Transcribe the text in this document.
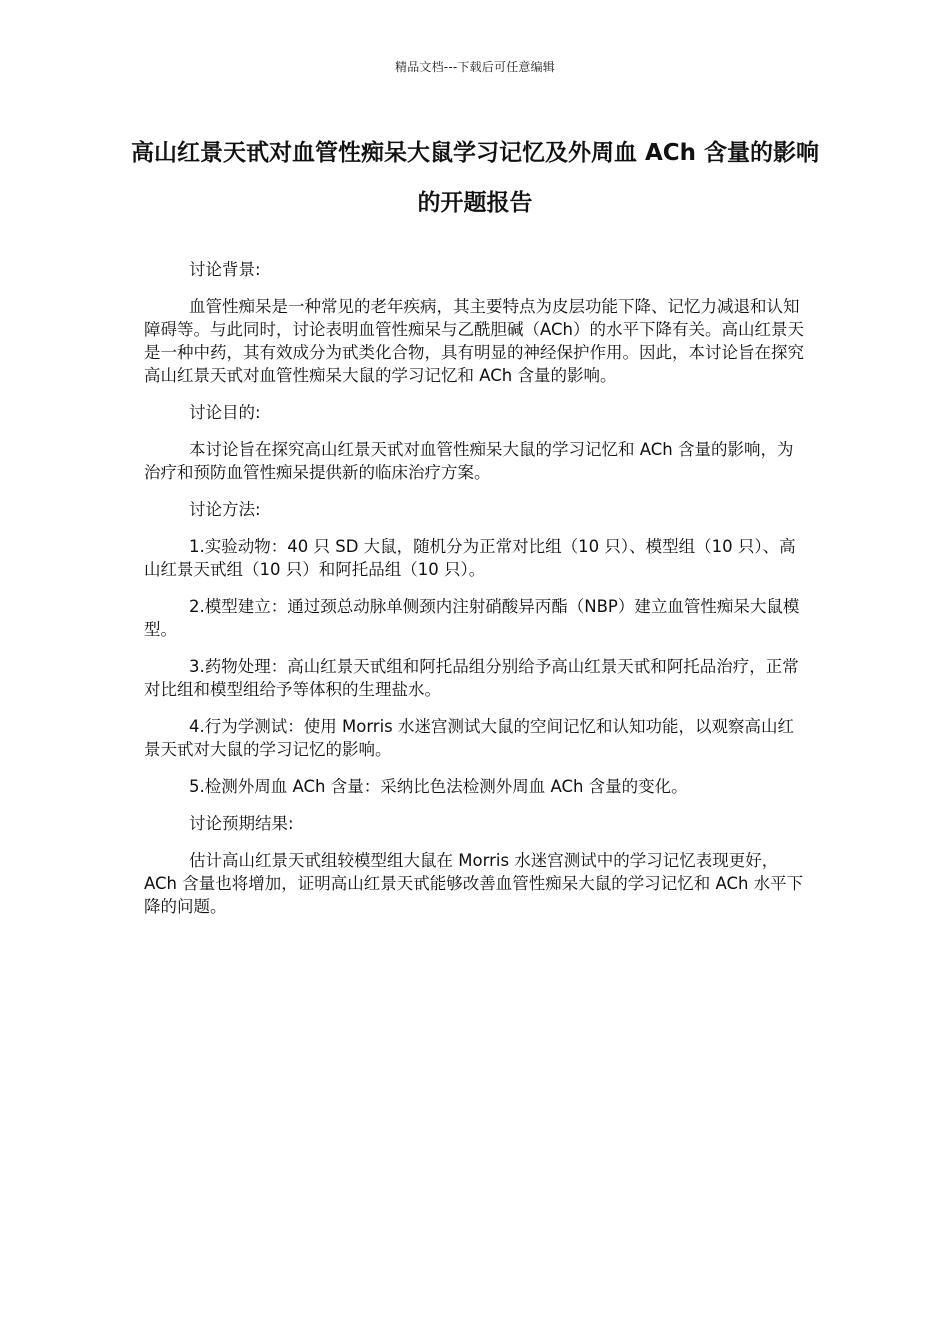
精品文档---下载后可任意编辑
高山红景天甙对血管性痴呆大鼠学习记忆及外周血 ACh 含量的影响的开题报告

讨论背景:

血管性痴呆是一种常见的老年疾病，其主要特点为皮层功能下降、记忆力减退和认知障碍等。与此同时，讨论表明血管性痴呆与乙酰胆碱（ACh）的水平下降有关。高山红景天是一种中药，其有效成分为甙类化合物，具有明显的神经保护作用。因此，本讨论旨在探究高山红景天甙对血管性痴呆大鼠的学习记忆和 ACh 含量的影响。

讨论目的:

本讨论旨在探究高山红景天甙对血管性痴呆大鼠的学习记忆和 ACh 含量的影响，为治疗和预防血管性痴呆提供新的临床治疗方案。

讨论方法:

1.实验动物：40 只 SD 大鼠，随机分为正常对比组（10 只）、模型组（10 只）、高山红景天甙组（10 只）和阿托品组（10 只）。

2.模型建立：通过颈总动脉单侧颈内注射硝酸异丙酯（NBP）建立血管性痴呆大鼠模型。

3.药物处理：高山红景天甙组和阿托品组分别给予高山红景天甙和阿托品治疗，正常对比组和模型组给予等体积的生理盐水。

4.行为学测试：使用 Morris 水迷宫测试大鼠的空间记忆和认知功能，以观察高山红景天甙对大鼠的学习记忆的影响。

5.检测外周血 ACh 含量：采纳比色法检测外周血 ACh 含量的变化。

讨论预期结果:

估计高山红景天甙组较模型组大鼠在 Morris 水迷宫测试中的学习记忆表现更好，ACh 含量也将增加，证明高山红景天甙能够改善血管性痴呆大鼠的学习记忆和 ACh 水平下降的问题。
